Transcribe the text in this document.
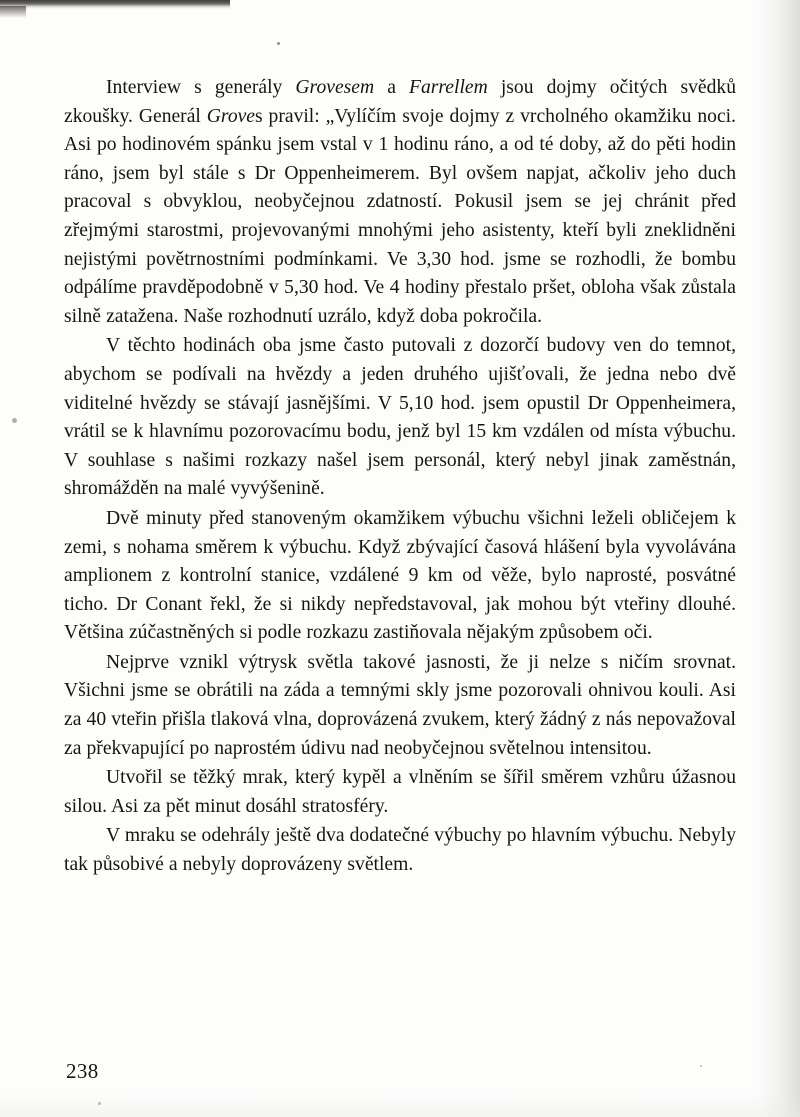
Interview s generály Grovesem a Farrellem jsou dojmy očitých svědků zkoušky. Generál Groves pravil: „Vylíčím svoje dojmy z vrcholného okamžiku noci. Asi po hodinovém spánku jsem vstal v 1 hodinu ráno, a od té doby, až do pěti hodin ráno, jsem byl stále s Dr Oppenheimerem. Byl ovšem napjat, ačkoliv jeho duch pracoval s obvyklou, neobyčejnou zdatností. Pokusil jsem se jej chránit před zřejmými starostmi, projevovanými mnohými jeho asistenty, kteří byli zneklidněni nejistými povětrnostními podmínkami. Ve 3,30 hod. jsme se rozhodli, že bombu odpálíme pravděpodobně v 5,30 hod. Ve 4 hodiny přestalo pršet, obloha však zůstala silně zatažena. Naše rozhodnutí uzrálo, když doba pokročila.

V těchto hodinách oba jsme často putovali z dozorčí budovy ven do temnot, abychom se podívali na hvězdy a jeden druhého ujišťovali, že jedna nebo dvě viditelné hvězdy se stávají jasnějšími. V 5,10 hod. jsem opustil Dr Oppenheimera, vrátil se k hlavnímu pozorovacímu bodu, jenž byl 15 km vzdálen od místa výbuchu. V souhlase s našimi rozkazy našel jsem personál, který nebyl jinak zaměstnán, shromážděn na malé vyvýšenině.

Dvě minuty před stanoveným okamžikem výbuchu všichni leželi obličejem k zemi, s nohama směrem k výbuchu. Když zbývající časová hlášení byla vyvolávána amplionem z kontrolní stanice, vzdálené 9 km od věže, bylo naprosté, posvátné ticho. Dr Conant řekl, že si nikdy nepředstavoval, jak mohou být vteřiny dlouhé. Většina zúčastněných si podle rozkazu zastiňovala nějakým způsobem oči.

Nejprve vznikl výtrysk světla takové jasnosti, že ji nelze s ničím srovnat. Všichni jsme se obrátili na záda a temnými skly jsme pozorovali ohnivou kouli. Asi za 40 vteřin přišla tlaková vlna, doprovázená zvukem, který žádný z nás nepovažoval za překvapující po naprostém údivu nad neobyčejnou světelnou intensitou.

Utvořil se těžký mrak, který kypěl a vlněním se šířil směrem vzhůru úžasnou silou. Asi za pět minut dosáhl stratosféry.

V mraku se odehrály ještě dva dodatečné výbuchy po hlavním výbuchu. Nebyly tak působivé a nebyly doprovázeny světlem.

238
